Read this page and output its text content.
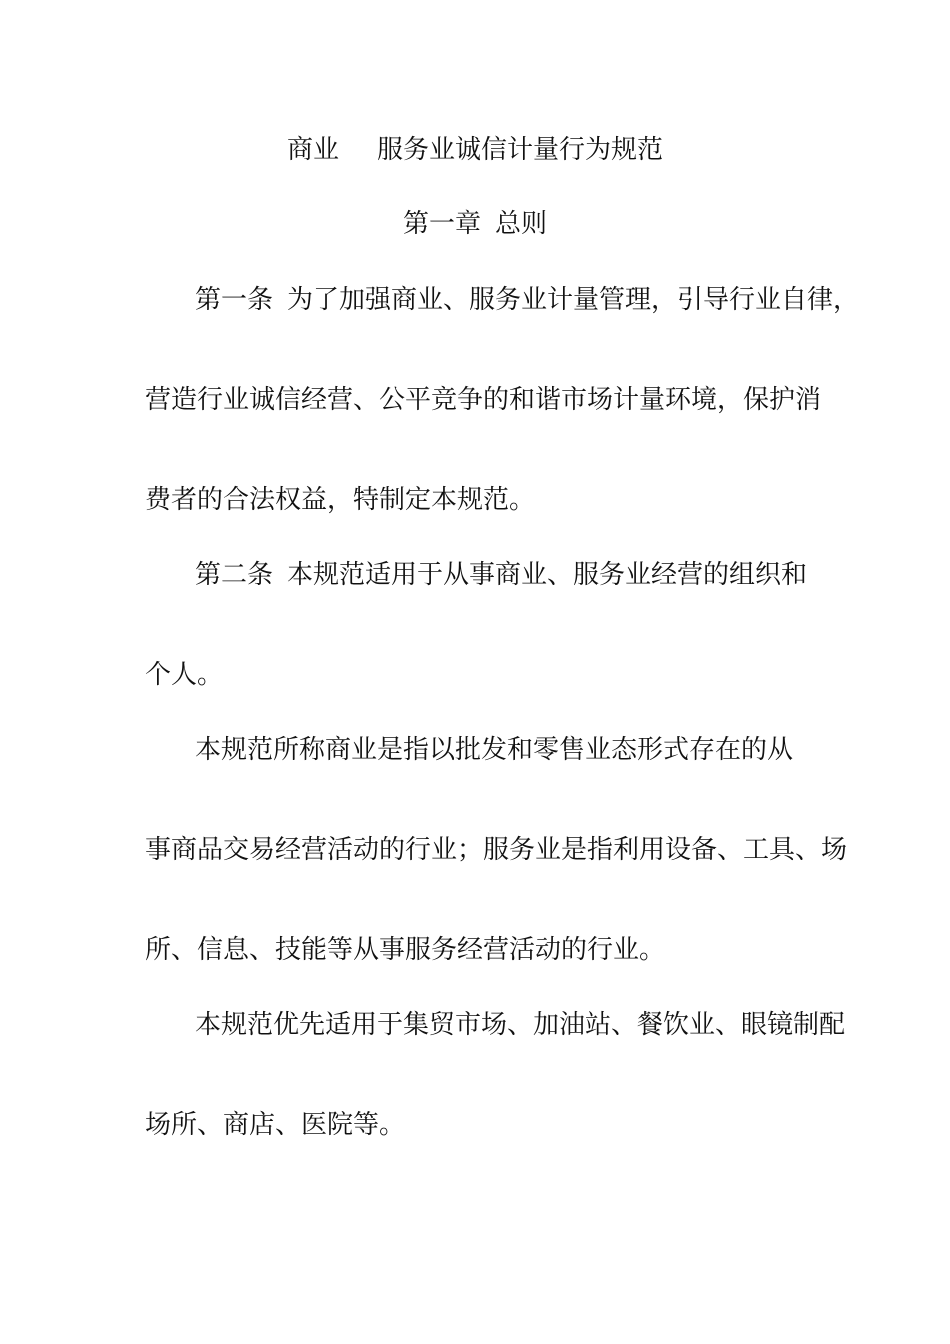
商业 服务业诚信计量行为规范
第一章 总则
第一条 为了加强商业、服务业计量管理，引导行业自律，
营造行业诚信经营、公平竞争的和谐市场计量环境，保护消
费者的合法权益，特制定本规范。
第二条 本规范适用于从事商业、服务业经营的组织和
个人。
本规范所称商业是指以批发和零售业态形式存在的从
事商品交易经营活动的行业；服务业是指利用设备、工具、场
所、信息、技能等从事服务经营活动的行业。
本规范优先适用于集贸市场、加油站、餐饮业、眼镜制配
场所、商店、医院等。
